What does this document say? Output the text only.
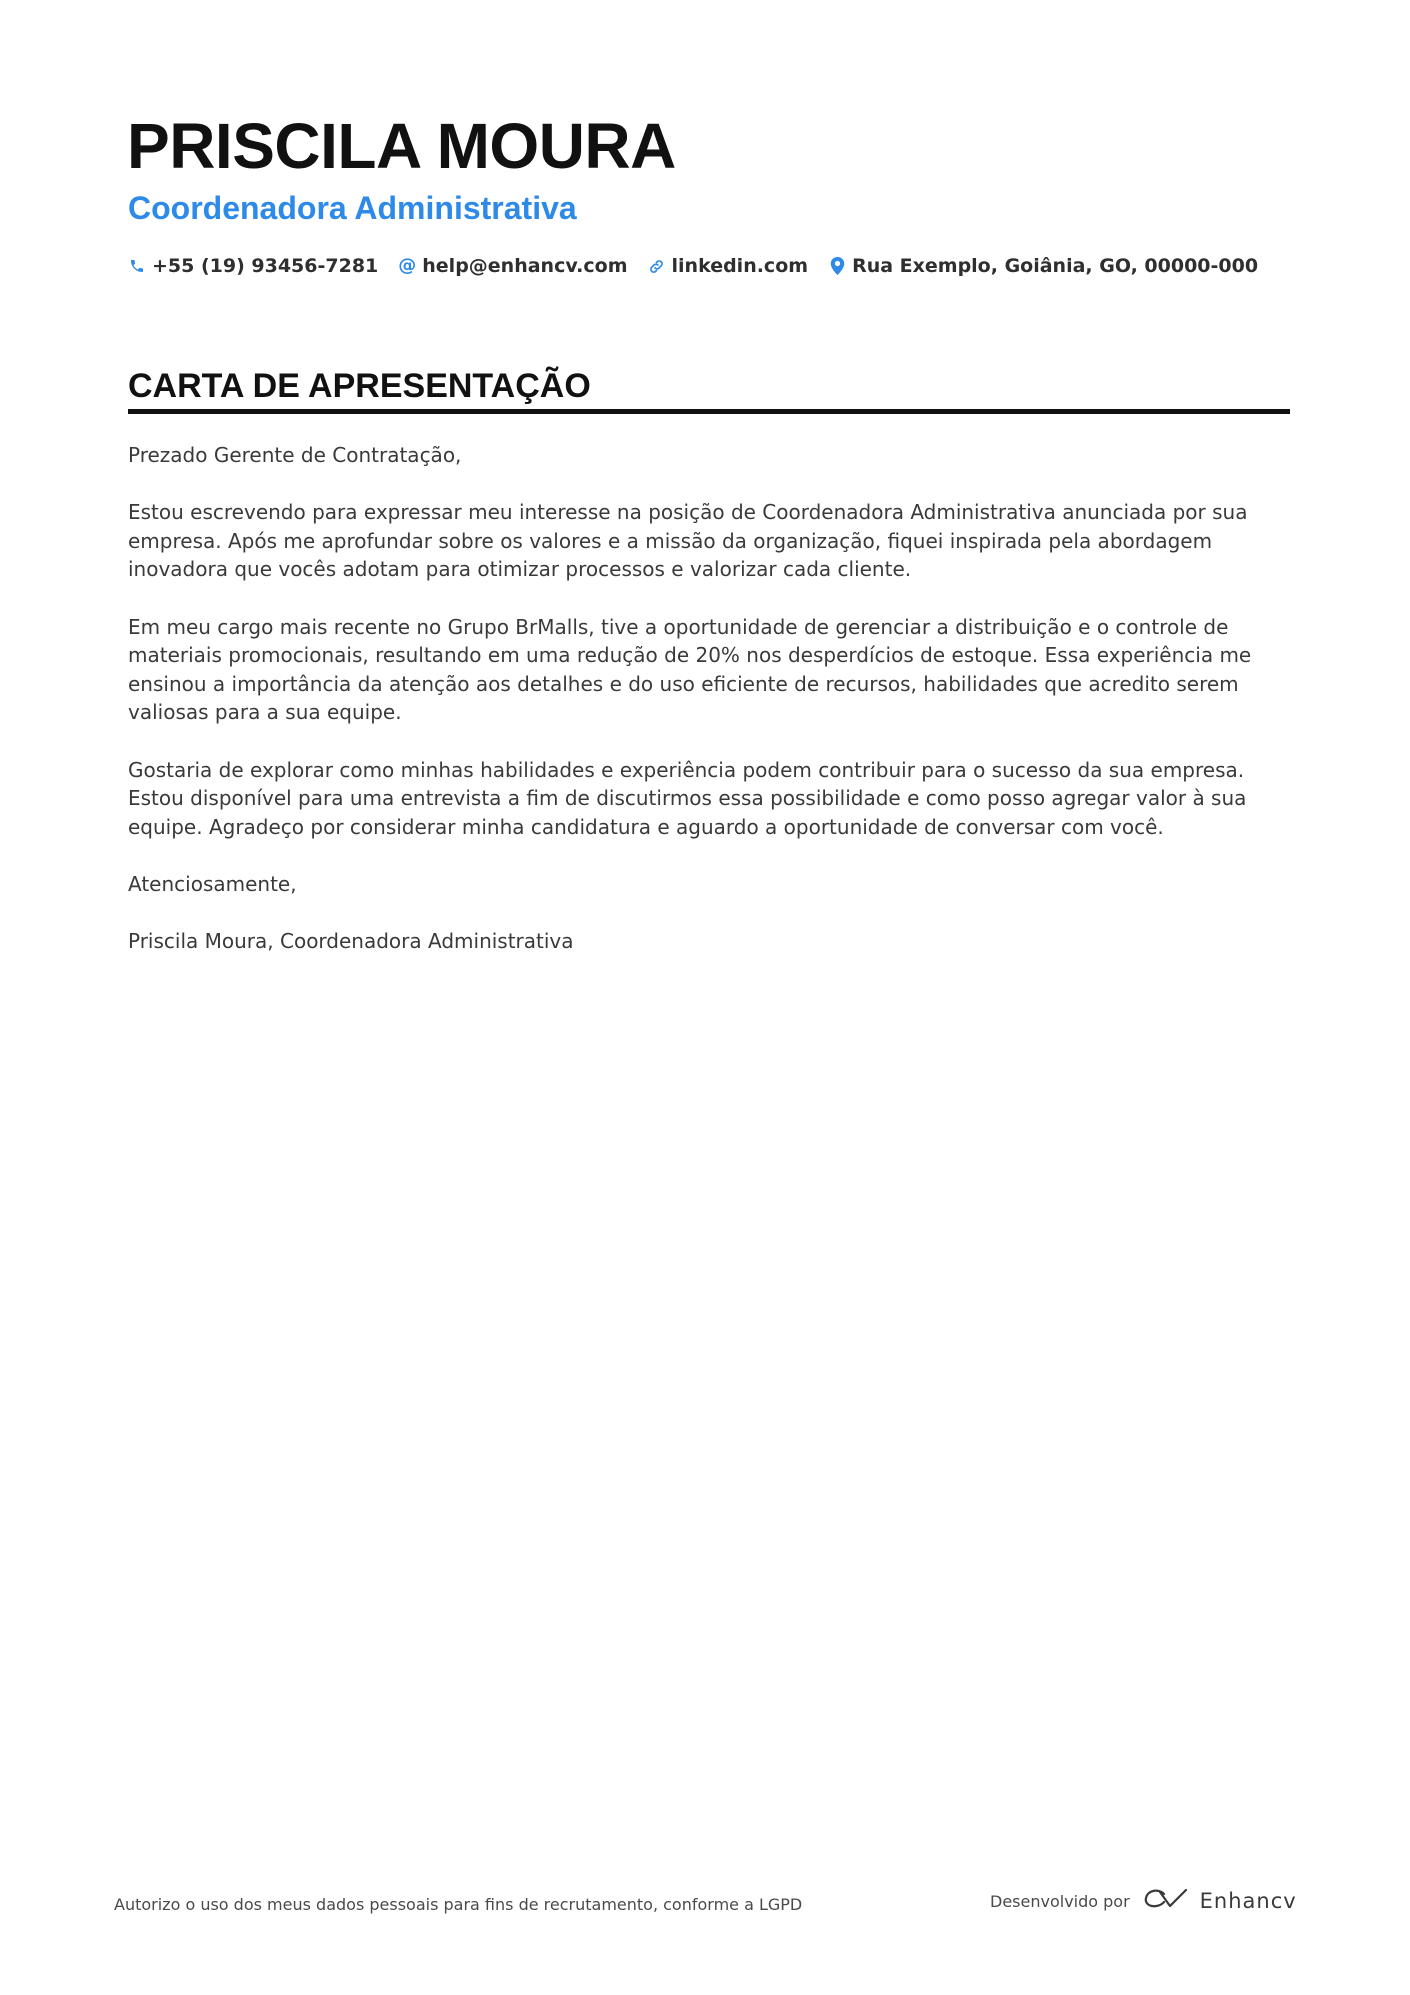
PRISCILA MOURA
Coordenadora Administrativa
+55 (19) 93456-7281 @ help@enhancv.com linkedin.com Rua Exemplo, Goiânia, GO, 00000-000
CARTA DE APRESENTAÇÃO

Prezado Gerente de Contratação,

Estou escrevendo para expressar meu interesse na posição de Coordenadora Administrativa anunciada por sua empresa. Após me aprofundar sobre os valores e a missão da organização, fiquei inspirada pela abordagem inovadora que vocês adotam para otimizar processos e valorizar cada cliente.

Em meu cargo mais recente no Grupo BrMalls, tive a oportunidade de gerenciar a distribuição e o controle de materiais promocionais, resultando em uma redução de 20% nos desperdícios de estoque. Essa experiência me ensinou a importância da atenção aos detalhes e do uso eficiente de recursos, habilidades que acredito serem valiosas para a sua equipe.

Gostaria de explorar como minhas habilidades e experiência podem contribuir para o sucesso da sua empresa. Estou disponível para uma entrevista a fim de discutirmos essa possibilidade e como posso agregar valor à sua equipe. Agradeço por considerar minha candidatura e aguardo a oportunidade de conversar com você.

Atenciosamente,

Priscila Moura, Coordenadora Administrativa

Autorizo o uso dos meus dados pessoais para fins de recrutamento, conforme a LGPD	Desenvolvido por	Enhancv
